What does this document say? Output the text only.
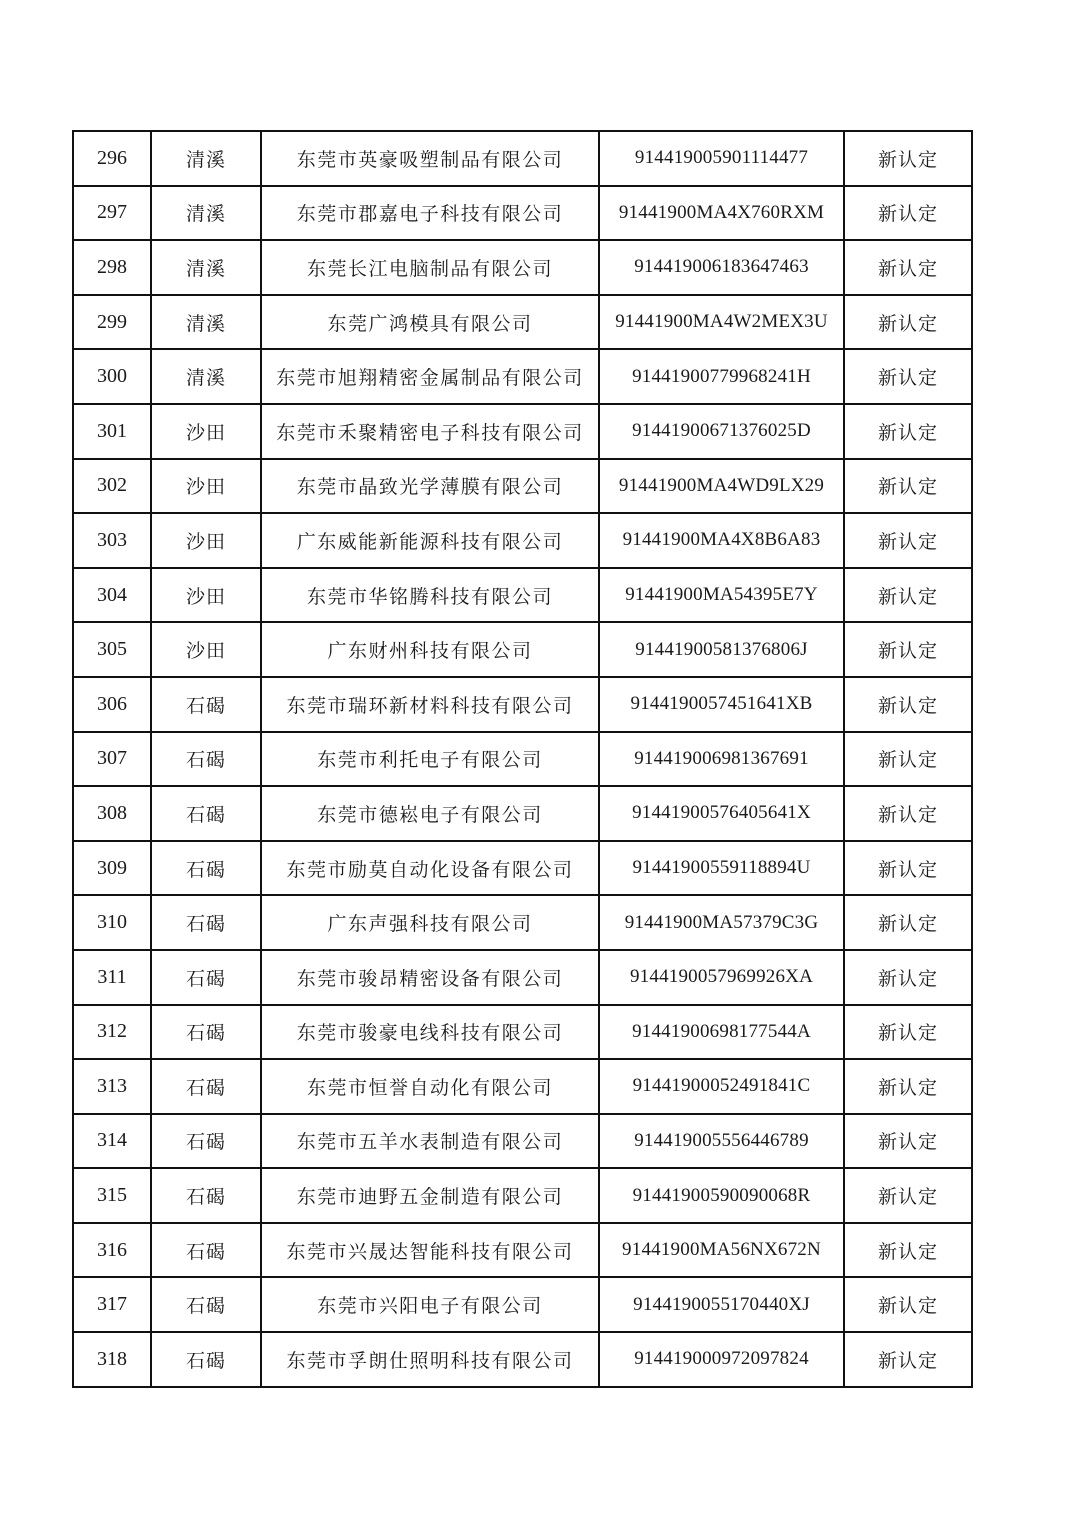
296	清溪	东莞市英豪吸塑制品有限公司	91441900590111447​7	新认定
297	清溪	东莞市郡嘉电子科技有限公司	91441900MA4X760RXM	新认定
298	清溪	东莞长江电脑制品有限公司	914419006183647463	新认定
299	清溪	东莞广鸿模具有限公司	91441900MA4W2MEX3U	新认定
300	清溪	东莞市旭翔精密金属制品有限公司	91441900779968241H	新认定
301	沙田	东莞市禾聚精密电子科技有限公司	91441900671376025D	新认定
302	沙田	东莞市晶致光学薄膜有限公司	91441900MA4WD9LX29	新认定
303	沙田	广东威能新能源科技有限公司	91441900MA4X8B6A83	新认定
304	沙田	东莞市华铭腾科技有限公司	91441900MA54395E7Y	新认定
305	沙田	广东财州科技有限公司	91441900581376806J	新认定
306	石碣	东莞市瑞环新材料科技有限公司	9144190057451641XB	新认定
307	石碣	东莞市利托电子有限公司	914419006981367691	新认定
308	石碣	东莞市德崧电子有限公司	91441900576405641X	新认定
309	石碣	东莞市励莫自动化设备有限公司	91441900559118894U	新认定
310	石碣	广东声强科技有限公司	91441900MA57379C3G	新认定
311	石碣	东莞市骏昂精密设备有限公司	9144190057969926XA	新认定
312	石碣	东莞市骏豪电线科技有限公司	91441900698177544A	新认定
313	石碣	东莞市恒誉自动化有限公司	91441900052491841C	新认定
314	石碣	东莞市五羊水表制造有限公司	914419005556446789	新认定
315	石碣	东莞市迪野五金制造有限公司	91441900590090068R	新认定
316	石碣	东莞市兴晟达智能科技有限公司	91441900MA56NX672N	新认定
317	石碣	东莞市兴阳电子有限公司	9144190055170440XJ	新认定
318	石碣	东莞市孚朗仕照明科技有限公司	914419000972097824	新认定
